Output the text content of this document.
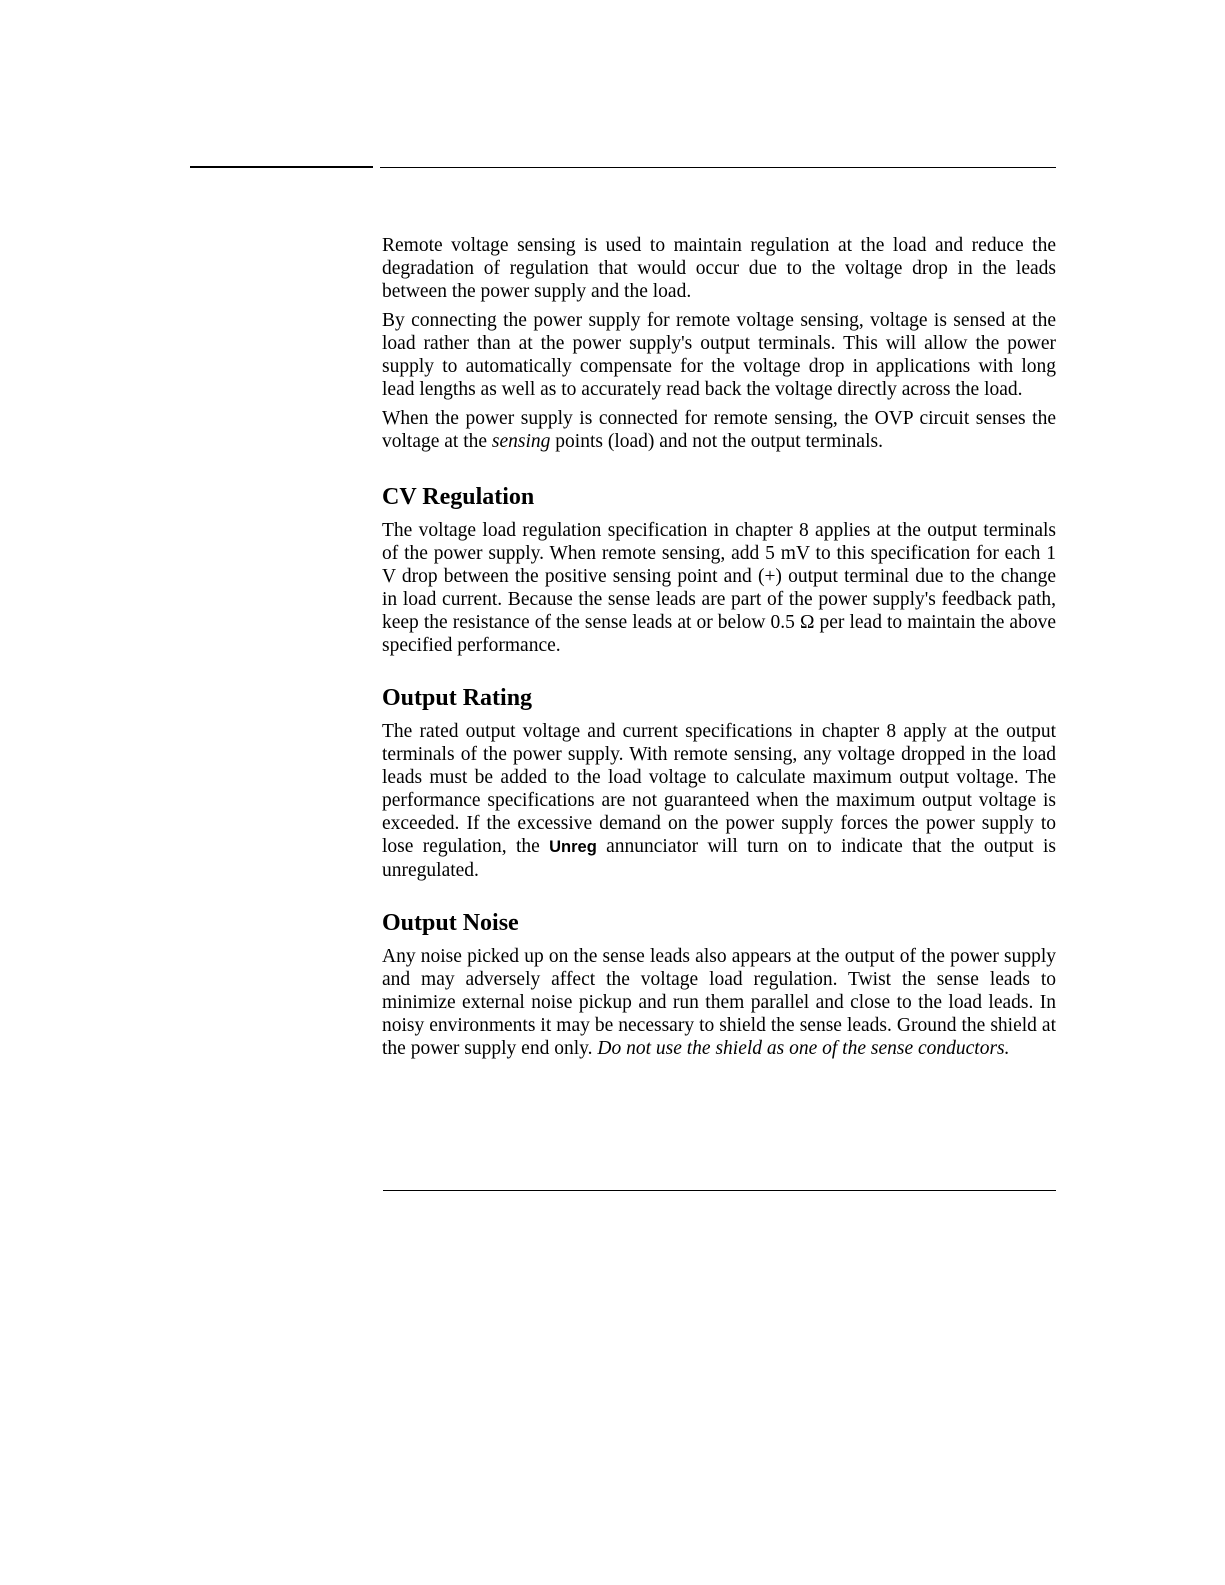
Remote voltage sensing is used to maintain regulation at the load and reduce the degradation of regulation that would occur due to the voltage drop in the leads between the power supply and the load.

By connecting the power supply for remote voltage sensing, voltage is sensed at the load rather than at the power supply's output terminals. This will allow the power supply to automatically compensate for the voltage drop in applications with long lead lengths as well as to accurately read back the voltage directly across the load.

When the power supply is connected for remote sensing, the OVP circuit senses the voltage at the sensing points (load) and not the output terminals.

CV Regulation

The voltage load regulation specification in chapter 8 applies at the output terminals of the power supply. When remote sensing, add 5 mV to this specification for each 1 V drop between the positive sensing point and (+) output terminal due to the change in load current. Because the sense leads are part of the power supply's feedback path, keep the resistance of the sense leads at or below 0.5 Ω per lead to maintain the above specified performance.

Output Rating

The rated output voltage and current specifications in chapter 8 apply at the output terminals of the power supply. With remote sensing, any voltage dropped in the load leads must be added to the load voltage to calculate maximum output voltage. The performance specifications are not guaranteed when the maximum output voltage is exceeded. If the excessive demand on the power supply forces the power supply to lose regulation, the Unreg annunciator will turn on to indicate that the output is unregulated.

Output Noise

Any noise picked up on the sense leads also appears at the output of the power supply and may adversely affect the voltage load regulation. Twist the sense leads to minimize external noise pickup and run them parallel and close to the load leads. In noisy environments it may be necessary to shield the sense leads. Ground the shield at the power supply end only. Do not use the shield as one of the sense conductors.
